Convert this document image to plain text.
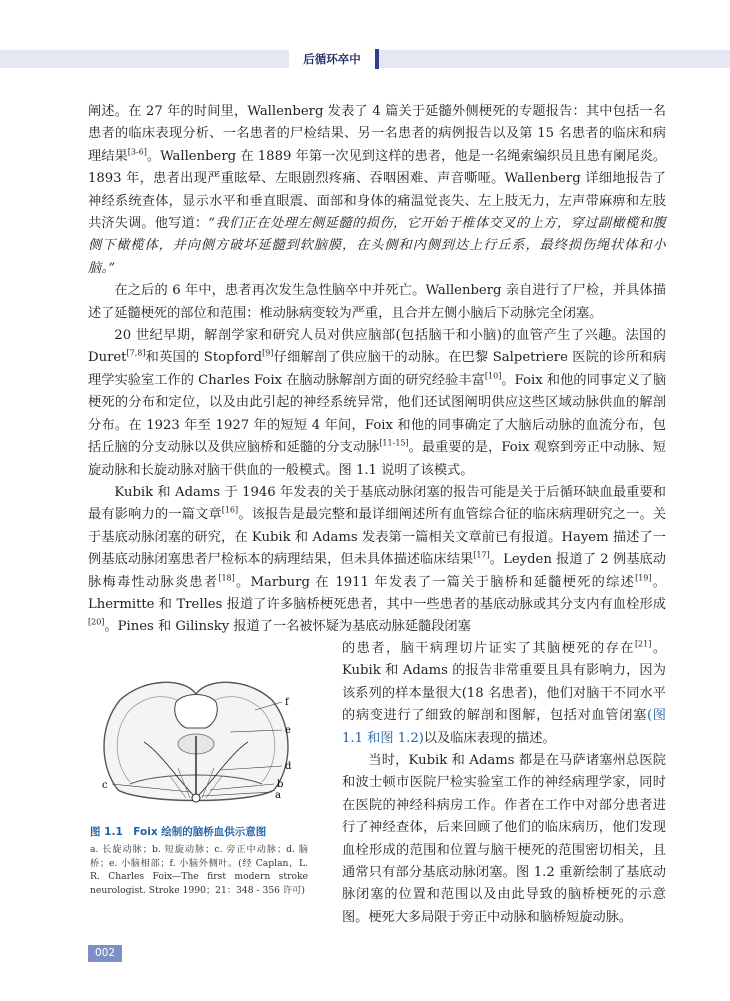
后循环卒中

阐述。在 27 年的时间里，Wallenberg 发表了 4 篇关于延髓外侧梗死的专题报告：其中包括一名患者的临床表现分析、一名患者的尸检结果、另一名患者的病例报告以及第 15 名患者的临床和病理结果[3-6]。Wallenberg 在 1889 年第一次见到这样的患者，他是一名绳索编织员且患有阑尾炎。1893 年，患者出现严重眩晕、左眼剧烈疼痛、吞咽困难、声音嘶哑。Wallenberg 详细地报告了神经系统查体，显示水平和垂直眼震、面部和身体的痛温觉丧失、左上肢无力，左声带麻痹和左肢共济失调。他写道：“我们正在处理左侧延髓的损伤，它开始于椎体交叉的上方，穿过副橄榄和腹侧下橄榄体，并向侧方破坏延髓到软脑膜，在头侧和内侧到达上行丘系，最终损伤绳状体和小脑。”

在之后的 6 年中，患者再次发生急性脑卒中并死亡。Wallenberg 亲自进行了尸检，并具体描述了延髓梗死的部位和范围：椎动脉病变较为严重，且合并左侧小脑后下动脉完全闭塞。

20 世纪早期，解剖学家和研究人员对供应脑部(包括脑干和小脑)的血管产生了兴趣。法国的 Duret[7,8]和英国的 Stopford[9]仔细解剖了供应脑干的动脉。在巴黎 Salpetriere 医院的诊所和病理学实验室工作的 Charles Foix 在脑动脉解剖方面的研究经验丰富[10]。Foix 和他的同事定义了脑梗死的分布和定位，以及由此引起的神经系统异常，他们还试图阐明供应这些区域动脉供血的解剖分布。在 1923 年至 1927 年的短短 4 年间，Foix 和他的同事确定了大脑后动脉的血流分布，包括丘脑的分支动脉以及供应脑桥和延髓的分支动脉[11-15]。最重要的是，Foix 观察到旁正中动脉、短旋动脉和长旋动脉对脑干供血的一般模式。图 1.1 说明了该模式。

Kubik 和 Adams 于 1946 年发表的关于基底动脉闭塞的报告可能是关于后循环缺血最重要和最有影响力的一篇文章[16]。该报告是最完整和最详细阐述所有血管综合征的临床病理研究之一。关于基底动脉闭塞的研究，在 Kubik 和 Adams 发表第一篇相关文章前已有报道。Hayem 描述了一例基底动脉闭塞患者尸检标本的病理结果，但未具体描述临床结果[17]。Leyden 报道了 2 例基底动脉梅毒性动脉炎患者[18]。Marburg 在 1911 年发表了一篇关于脑桥和延髓梗死的综述[19]。Lhermitte 和 Trelles 报道了许多脑桥梗死患者，其中一些患者的基底动脉或其分支内有血栓形成[20]。Pines 和 Gilinsky 报道了一名被怀疑为基底动脉延髓段闭塞

的患者，脑干病理切片证实了其脑梗死的存在[21]。Kubik 和 Adams 的报告非常重要且具有影响力，因为该系列的样本量很大(18 名患者)，他们对脑干不同水平的病变进行了细致的解剖和图解，包括对血管闭塞(图 1.1 和图 1.2)以及临床表现的描述。

当时，Kubik 和 Adams 都是在马萨诸塞州总医院和波士顿市医院尸检实验室工作的神经病理学家，同时在医院的神经科病房工作。作者在工作中对部分患者进行了神经查体，后来回顾了他们的临床病历，他们发现血栓形成的范围和位置与脑干梗死的范围密切相关，且通常只有部分基底动脉闭塞。图 1.2 重新绘制了基底动脉闭塞的位置和范围以及由此导致的脑桥梗死的示意图。梗死大多局限于旁正中动脉和脑桥短旋动脉。

f
e
d
c	b
a
图 1.1　Foix 绘制的脑桥血供示意图
a. 长旋动脉；b. 短旋动脉；c. 旁正中动脉；d. 脑桥；e. 小脑相部；f. 小脑外侧叶。(经 Caplan，L. R. Charles Foix—The first modern stroke neurologist. Stroke 1990；21：348 - 356 许可)
002
